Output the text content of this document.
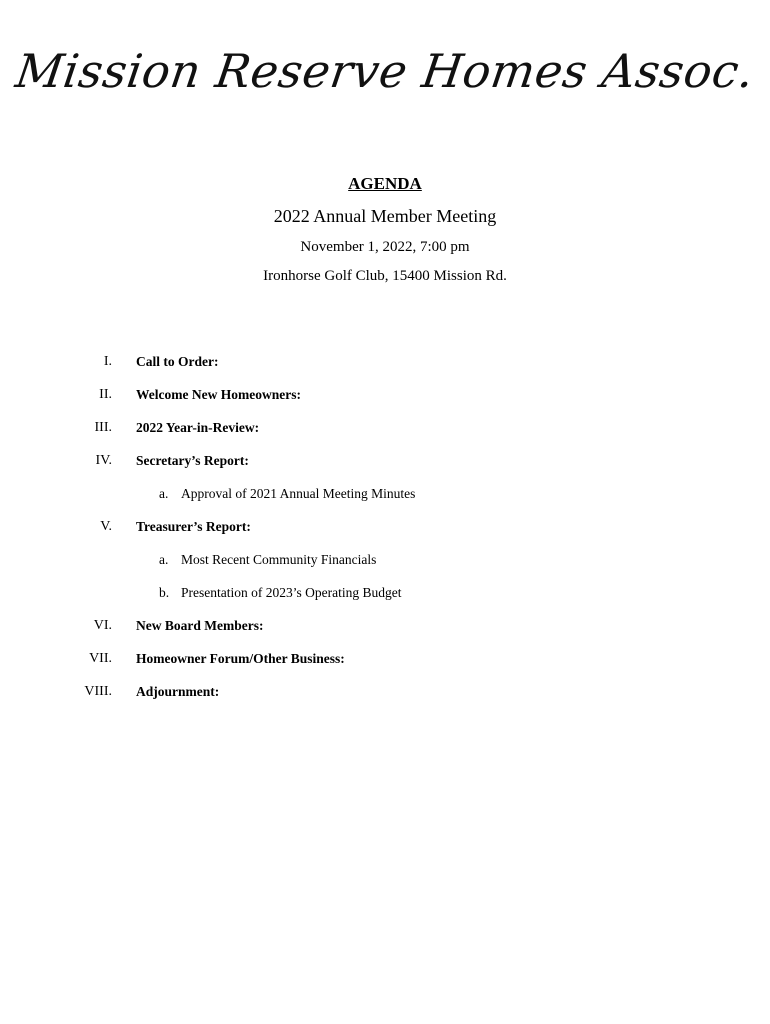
Mission Reserve Homes Assoc.
AGENDA
2022 Annual Member Meeting
November 1, 2022, 7:00 pm
Ironhorse Golf Club, 15400 Mission Rd.
I. Call to Order:
II. Welcome New Homeowners:
III. 2022 Year-in-Review:
IV. Secretary’s Report:
a. Approval of 2021 Annual Meeting Minutes
V. Treasurer’s Report:
a. Most Recent Community Financials
b. Presentation of 2023’s Operating Budget
VI. New Board Members:
VII. Homeowner Forum/Other Business:
VIII. Adjournment:
